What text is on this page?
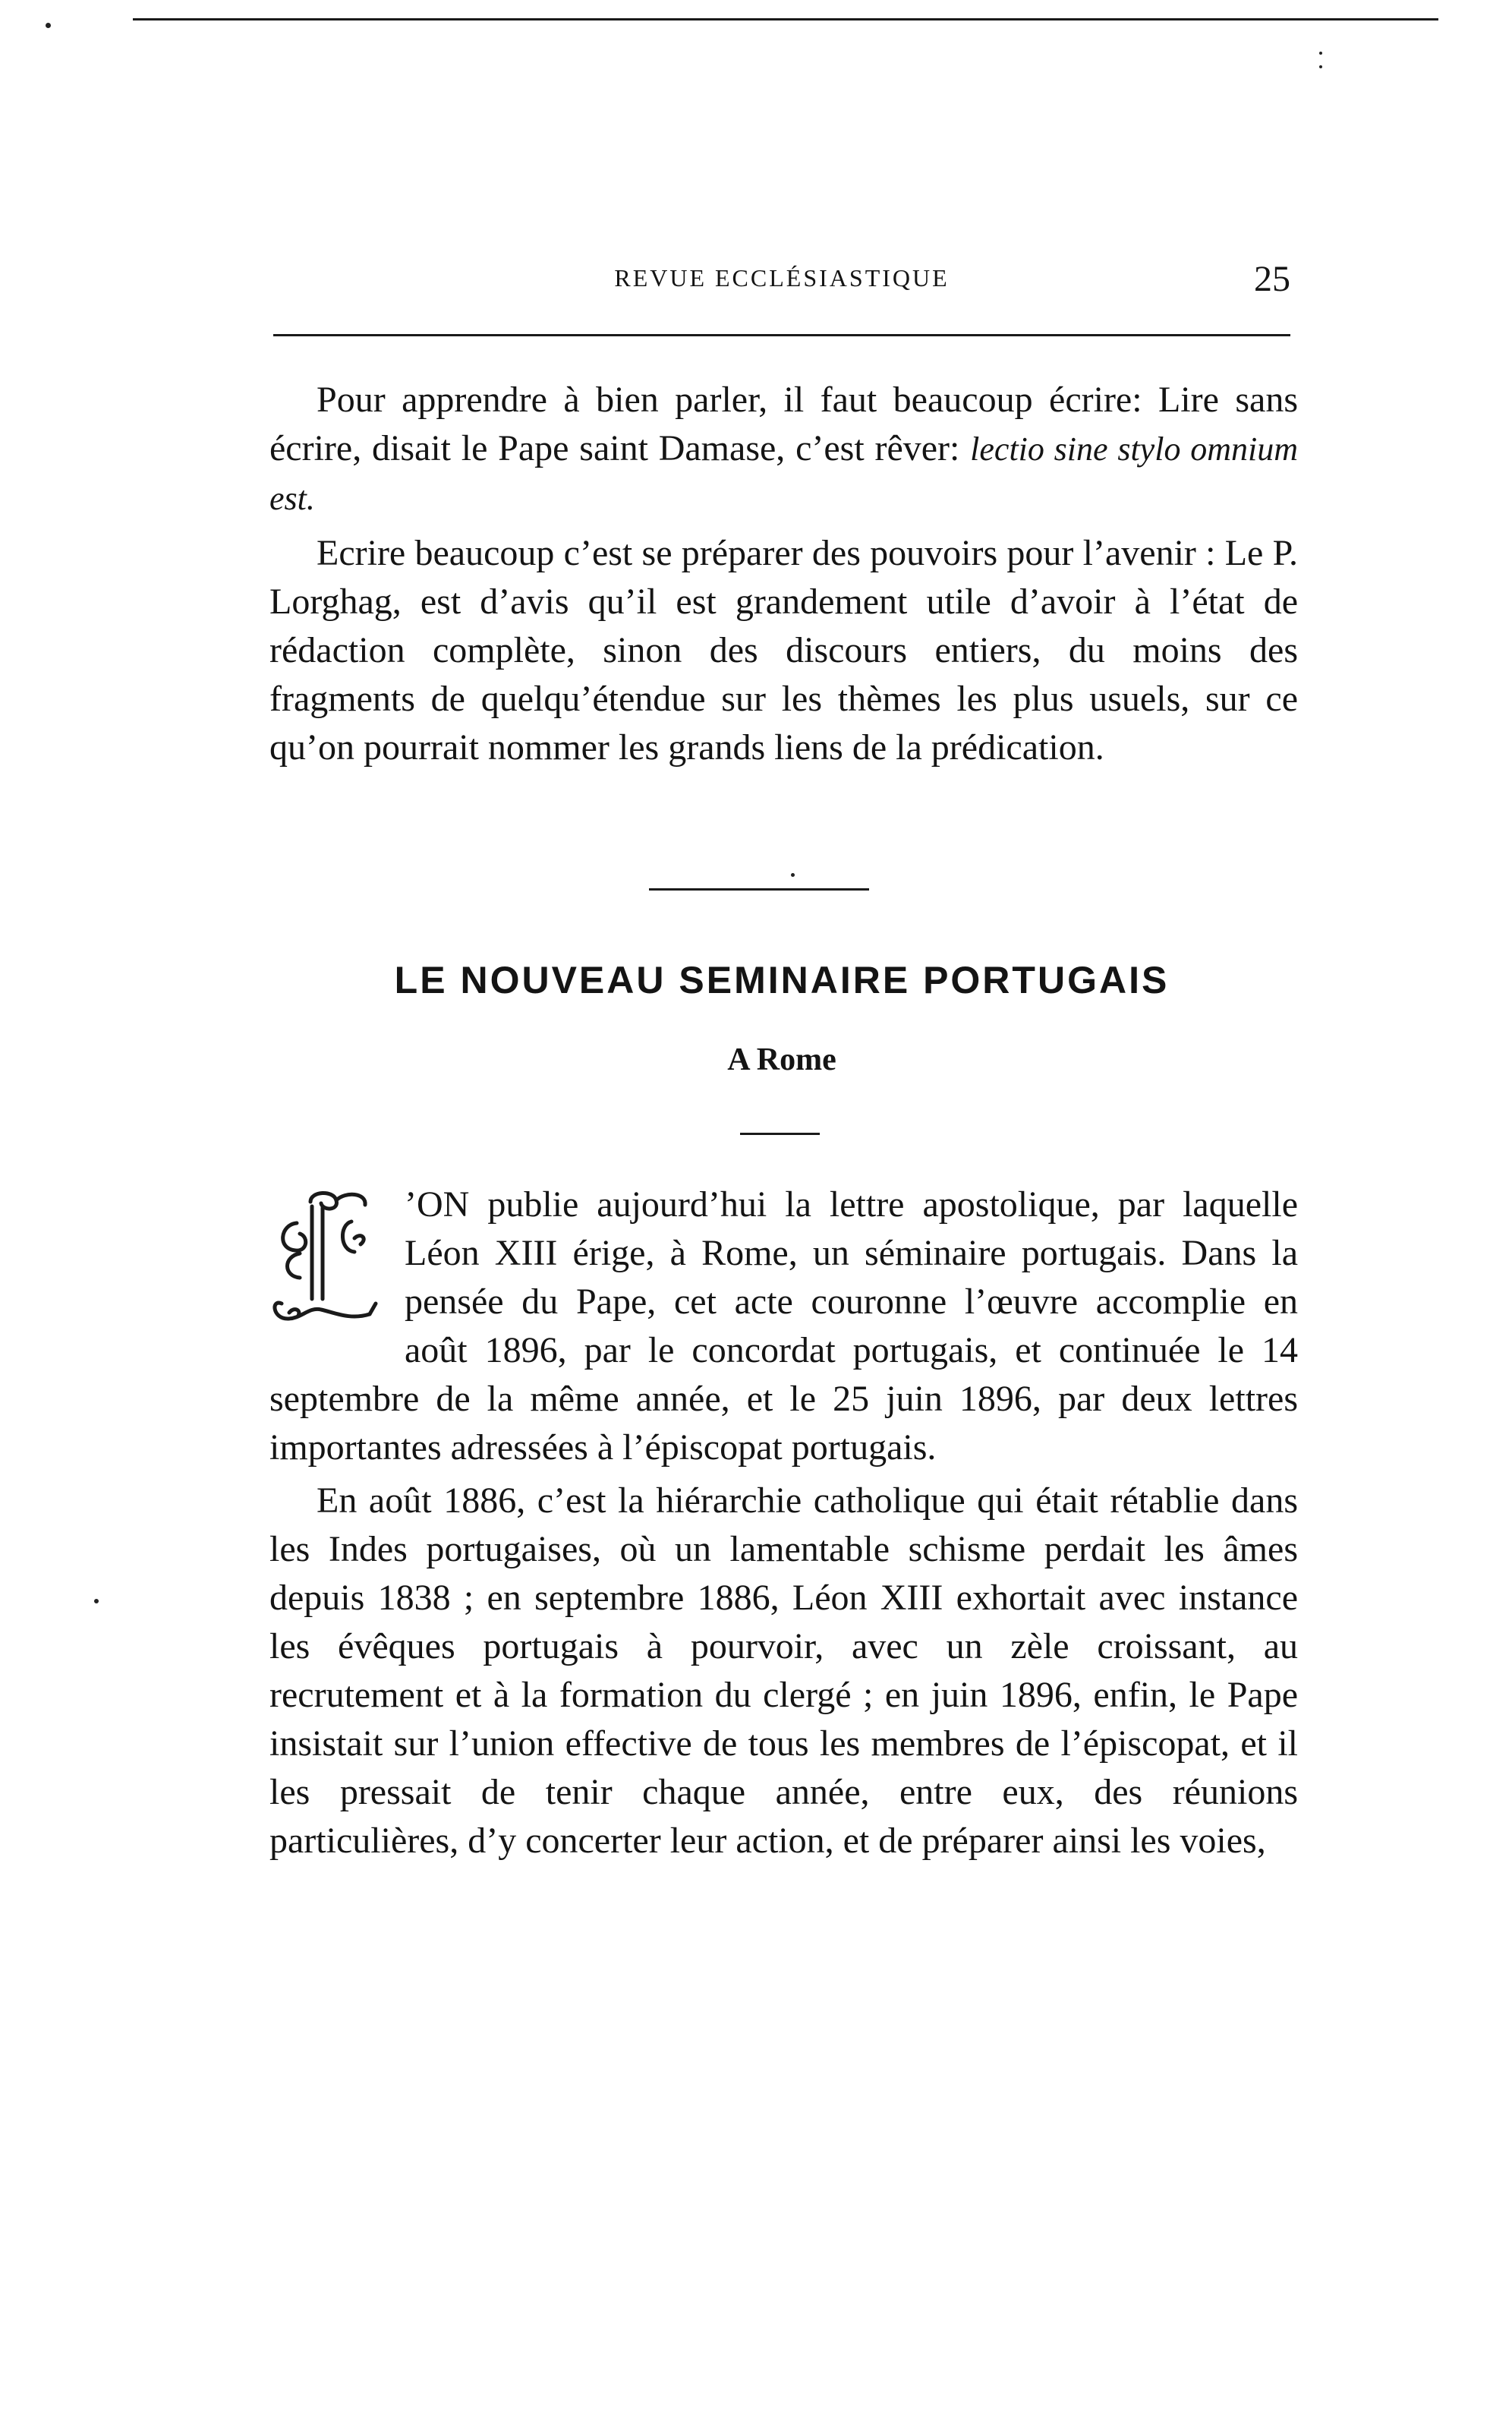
REVUE ECCLÉSIASTIQUE	25

Pour apprendre à bien parler, il faut beaucoup écrire: Lire sans écrire, disait le Pape saint Damase, c’est rêver: lectio sine stylo omnium est.

Ecrire beaucoup c’est se préparer des pouvoirs pour l’avenir : Le P. Lorghag, est d’avis qu’il est grandement utile d’avoir à l’état de rédaction complète, sinon des discours entiers, du moins des fragments de quelqu’étendue sur les thèmes les plus usuels, sur ce qu’on pourrait nommer les grands liens de la prédication.

LE NOUVEAU SEMINAIRE PORTUGAIS
A Rome

L
’ON publie aujourd’hui la lettre apostolique, par laquelle Léon XIII érige, à Rome, un séminaire portugais. Dans la pensée du Pape, cet acte couronne l’œuvre accomplie en août 1896, par le concordat portugais, et continuée le 14 septembre de la même année, et le 25 juin 1896, par deux lettres importantes adressées à l’épiscopat portugais.

En août 1886, c’est la hiérarchie catholique qui était rétablie dans les Indes portugaises, où un lamentable schisme perdait les âmes depuis 1838 ; en septembre 1886, Léon XIII exhortait avec instance les évêques portugais à pourvoir, avec un zèle croissant, au recrutement et à la formation du clergé ; en juin 1896, enfin, le Pape insistait sur l’union effective de tous les membres de l’épiscopat, et il les pressait de tenir chaque année, entre eux, des réunions particulières, d’y concerter leur action, et de préparer ainsi les voies,
